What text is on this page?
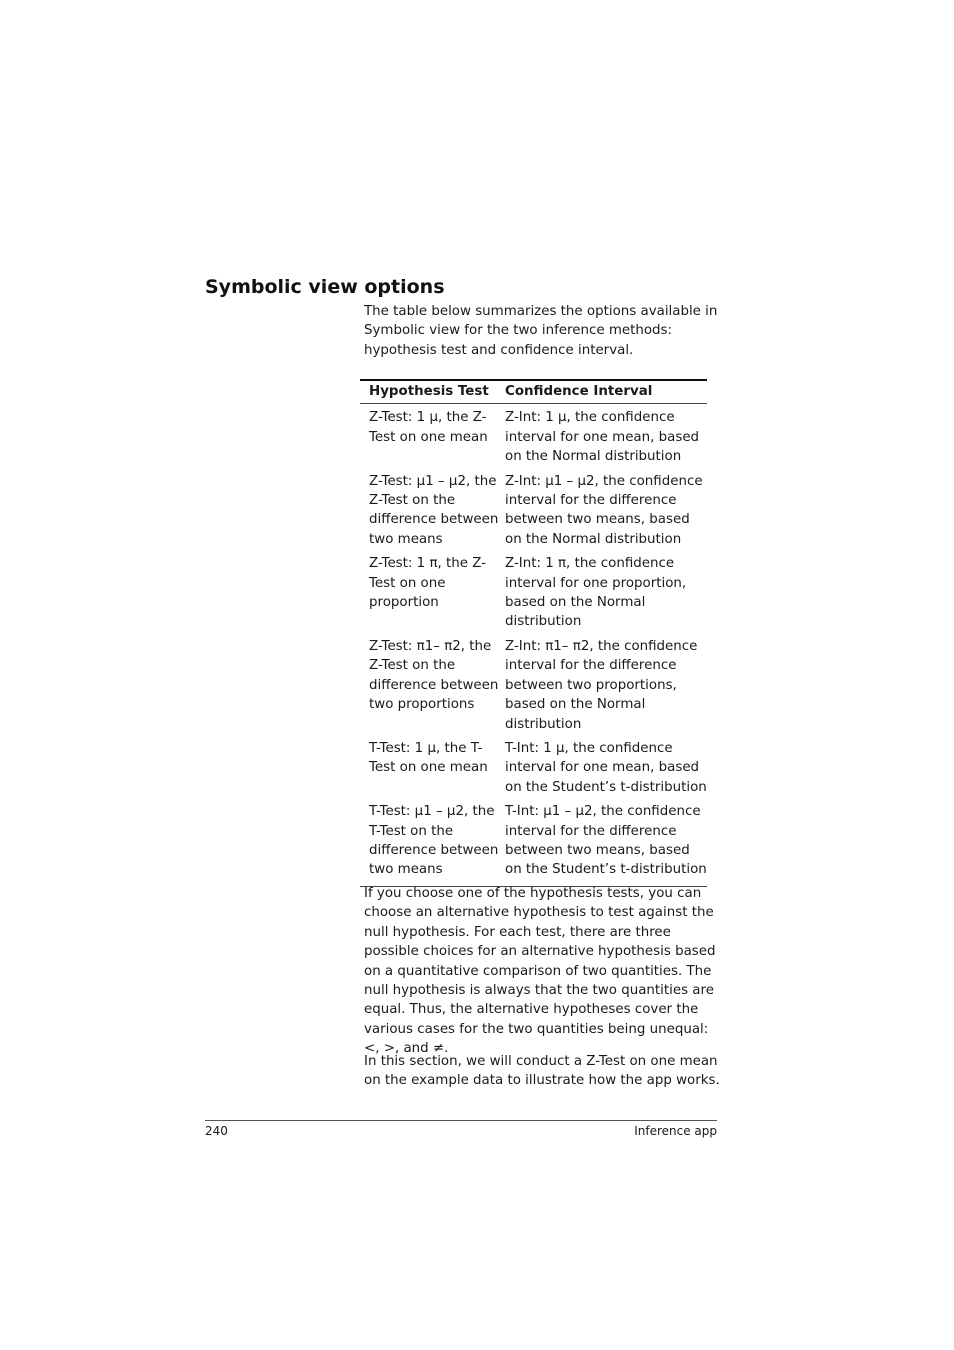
Symbolic view options

The table below summarizes the options available in Symbolic view for the two inference methods: hypothesis test and confidence interval.

Hypothesis Test	Confidence Interval
Z-Test: 1 μ, the Z-Test on one mean	Z-Int: 1 μ, the confidence interval for one mean, based on the Normal distribution
Z-Test: μ1 – μ2, the Z-Test on the difference between two means	Z-Int: μ1 – μ2, the confidence interval for the difference between two means, based on the Normal distribution
Z-Test: 1 π, the Z-Test on one proportion	Z-Int: 1 π, the confidence interval for one proportion, based on the Normal distribution
Z-Test: π1– π2, the Z-Test on the difference between two proportions	Z-Int: π1– π2, the confidence interval for the difference between two proportions, based on the Normal distribution
T-Test: 1 μ, the T-Test on one mean	T-Int: 1 μ, the confidence interval for one mean, based on the Student’s t-distribution
T-Test: μ1 – μ2, the T-Test on the difference between two means	T-Int: μ1 – μ2, the confidence interval for the difference between two means, based on the Student’s t-distribution

If you choose one of the hypothesis tests, you can choose an alternative hypothesis to test against the null hypothesis. For each test, there are three possible choices for an alternative hypothesis based on a quantitative comparison of two quantities. The null hypothesis is always that the two quantities are equal. Thus, the alternative hypotheses cover the various cases for the two quantities being unequal: <, >, and ≠.

In this section, we will conduct a Z-Test on one mean on the example data to illustrate how the app works.

240	Inference app
